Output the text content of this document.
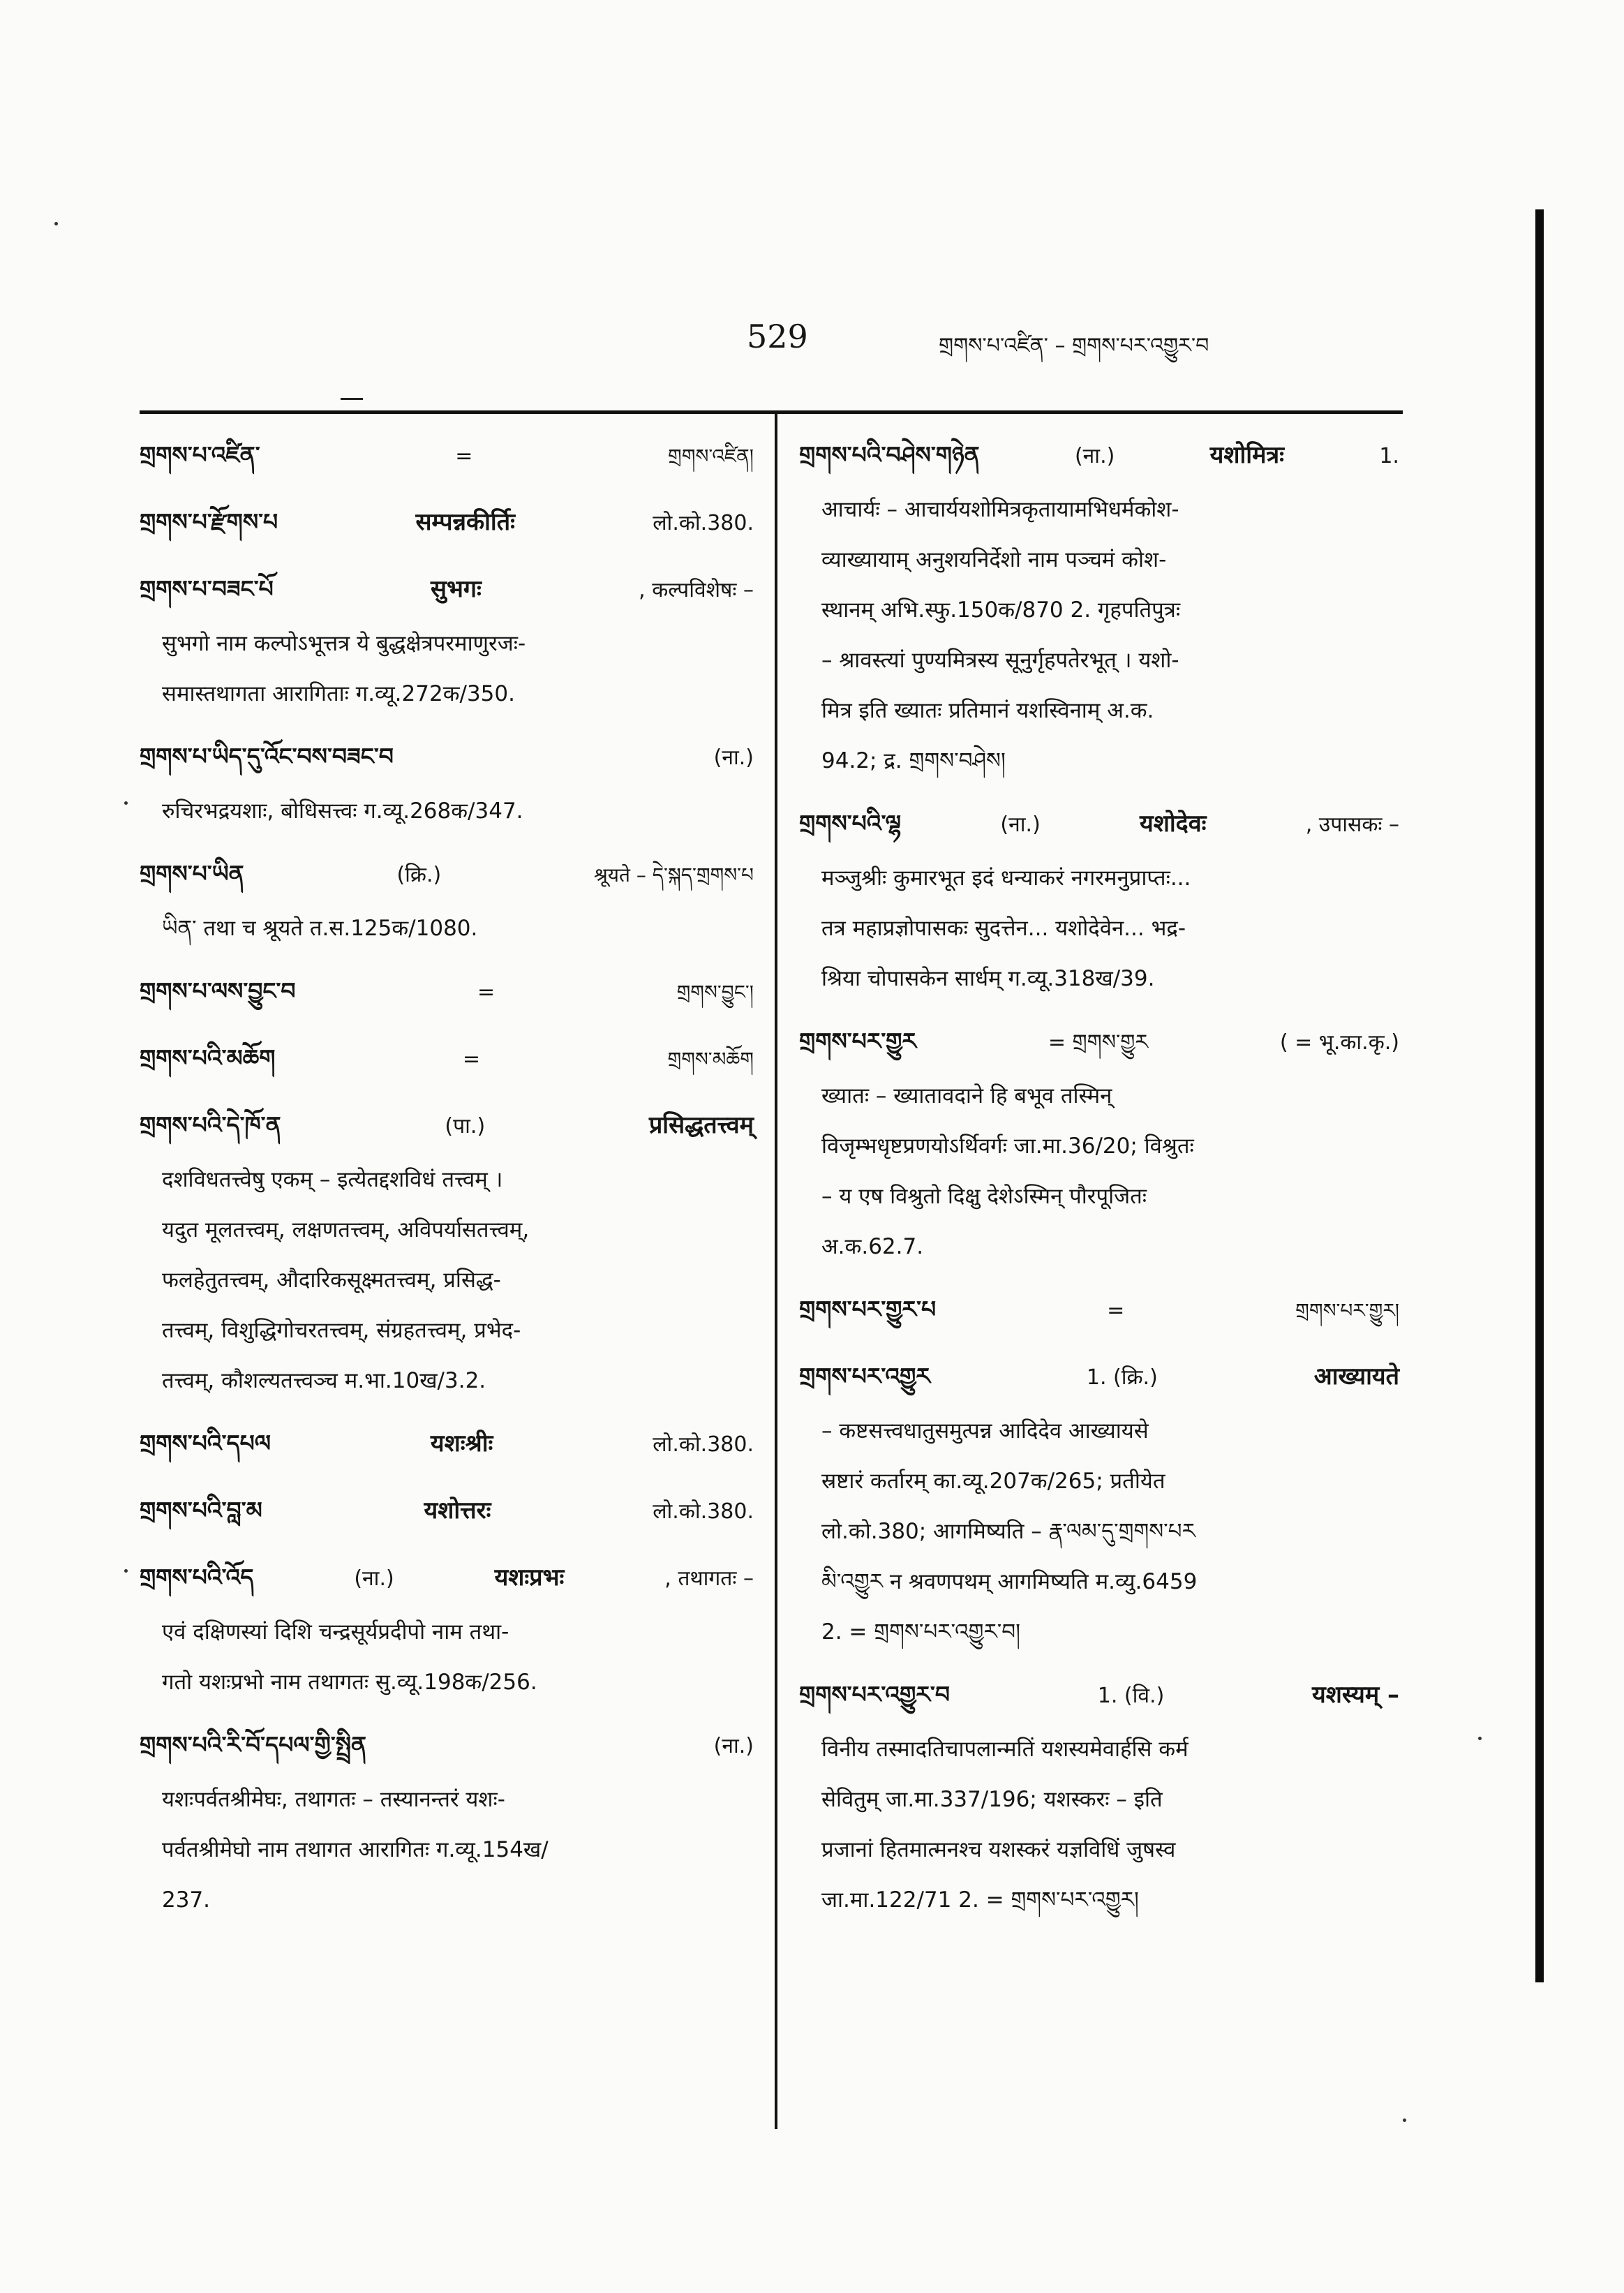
529	གྲགས་པ་འཛིན་ – གྲགས་པར་འགྱུར་བ
གྲགས་པ་འཛིན་	=	གྲགས་འཛིན།
གྲགས་པ་རྫོགས་པ	सम्पन्नकीर्तिः	लो.को.380.
གྲགས་པ་བཟང་པོ	सुभगः	, कल्पविशेषः –
सुभगो नाम कल्पोऽभूत्तत्र ये बुद्धक्षेत्रपरमाणुरजः-
समास्तथागता आरागिताः ग.व्यू.272क/350.
གྲགས་པ་ཡིད་དུ་འོང་བས་བཟང་བ	(ना.)
रुचिरभद्रयशाः, बोधिसत्त्वः ग.व्यू.268क/347.
གྲགས་པ་ཡིན	(क्रि.)	श्रूयते – དེ་སྐད་གྲགས་པ
ཡིན་ तथा च श्रूयते त.स.125क/1080.
གྲགས་པ་ལས་བྱུང་བ	=	གྲགས་བྱུང་།
གྲགས་པའི་མཆོག	=	གྲགས་མཆོག
གྲགས་པའི་དེ་ཁོ་ན	(पा.)	प्रसिद्धतत्त्वम्
दशविधतत्त्वेषु एकम् – इत्येतद्दशविधं तत्त्वम् ।
यदुत मूलतत्त्वम्, लक्षणतत्त्वम्, अविपर्यासतत्त्वम्,
फलहेतुतत्त्वम्, औदारिकसूक्ष्मतत्त्वम्, प्रसिद्ध-
तत्त्वम्, विशुद्धिगोचरतत्त्वम्, संग्रहतत्त्वम्, प्रभेद-
तत्त्वम्, कौशल्यतत्त्वञ्च म.भा.10ख/3.2.
གྲགས་པའི་དཔལ	यशःश्रीः	लो.को.380.
གྲགས་པའི་བླ་མ	यशोत्तरः	लो.को.380.
གྲགས་པའི་འོད	(ना.)	यशःप्रभः	, तथागतः –
एवं दक्षिणस्यां दिशि चन्द्रसूर्यप्रदीपो नाम तथा-
गतो यशःप्रभो नाम तथागतः सु.व्यू.198क/256.
གྲགས་པའི་རི་བོ་དཔལ་གྱི་སྤྲིན	(ना.)
यशःपर्वतश्रीमेघः, तथागतः – तस्यानन्तरं यशः-
पर्वतश्रीमेघो नाम तथागत आरागितः ग.व्यू.154ख/
237.
གྲགས་པའི་བཤེས་གཉེན	(ना.)	यशोमित्रः	1.
आचार्यः – आचार्ययशोमित्रकृतायामभिधर्मकोश-
व्याख्यायाम् अनुशयनिर्देशो नाम पञ्चमं कोश-
स्थानम् अभि.स्फु.150क/870 2. गृहपतिपुत्रः
– श्रावस्त्यां पुण्यमित्रस्य सूनुर्गृहपतेरभूत् । यशो-
मित्र इति ख्यातः प्रतिमानं यशस्विनाम् अ.क.
94.2; द्र. གྲགས་བཤེས།
གྲགས་པའི་ལྷ	(ना.)	यशोदेवः	, उपासकः –
मञ्जुश्रीः कुमारभूत इदं धन्याकरं नगरमनुप्राप्तः...
तत्र महाप्रज्ञोपासकः सुदत्तेन... यशोदेवेन... भद्र-
श्रिया चोपासकेन सार्धम् ग.व्यू.318ख/39.
གྲགས་པར་གྱུར	= གྲགས་གྱུར	( = भू.का.कृ.)
ख्यातः – ख्यातावदाने हि बभूव तस्मिन्
विजृम्भधृष्टप्रणयोऽर्थिवर्गः जा.मा.36/20; विश्रुतः
– य एष विश्रुतो दिक्षु देशेऽस्मिन् पौरपूजितः
अ.क.62.7.
གྲགས་པར་གྱུར་པ	=	གྲགས་པར་གྱུར།
གྲགས་པར་འགྱུར	1. (क्रि.)	आख्यायते
– कष्टसत्त्वधातुसमुत्पन्न आदिदेव आख्यायसे
स्रष्टारं कर्तारम् का.व्यू.207क/265; प्रतीयेत
लो.को.380; आगमिष्यति – རྣ་ལམ་དུ་གྲགས་པར
མི་འགྱུར न श्रवणपथम् आगमिष्यति म.व्यु.6459
2. = གྲགས་པར་འགྱུར་བ།
གྲགས་པར་འགྱུར་བ	1. (वि.)	यशस्यम् –
विनीय तस्मादतिचापलान्मतिं यशस्यमेवार्हसि कर्म
सेवितुम् जा.मा.337/196; यशस्करः – इति
प्रजानां हितमात्मनश्च यशस्करं यज्ञविधिं जुषस्व
जा.मा.122/71 2. = གྲགས་པར་འགྱུར།
